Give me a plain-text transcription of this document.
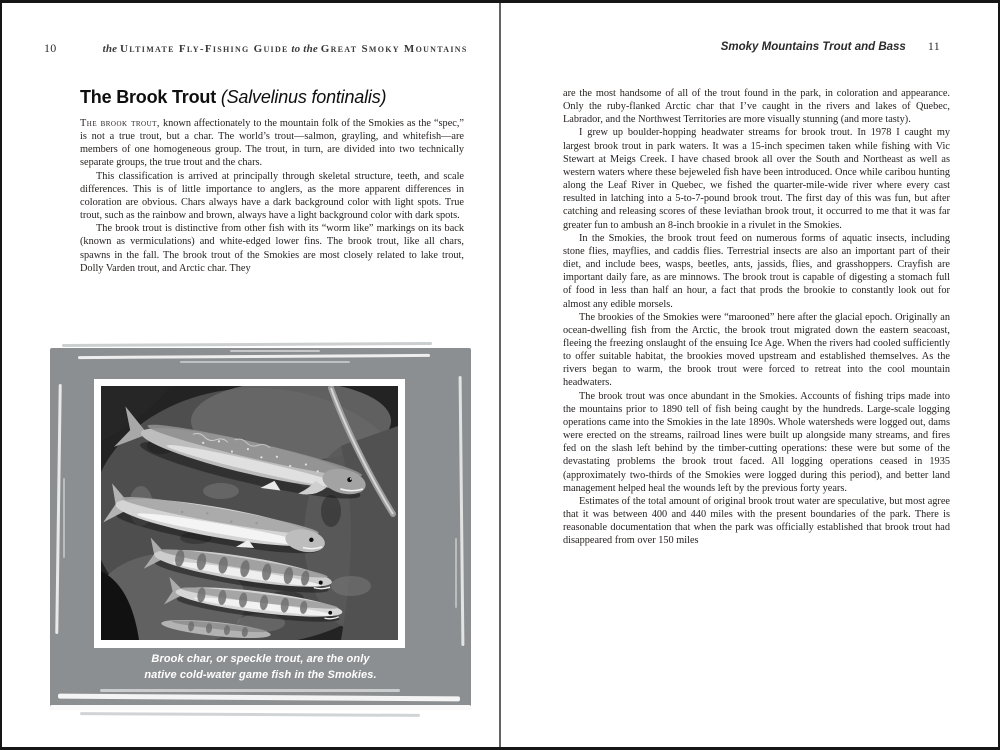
10	the Ultimate Fly-Fishing Guide to the Great Smoky Mountains
The Brook Trout (Salvelinus fontinalis)

The brook trout, known affectionately to the mountain folk of the Smokies as the “spec,” is not a true trout, but a char. The world’s trout—salmon, grayling, and whitefish—are members of one homogeneous group. The trout, in turn, are divided into two technically separate groups, the true trout and the chars.

This classification is arrived at principally through skeletal structure, teeth, and scale differences. This is of little importance to anglers, as the more apparent differences in coloration are obvious. Chars always have a dark background color with light spots. True trout, such as the rainbow and brown, always have a light background color with dark spots.

The brook trout is distinctive from other fish with its “worm like” markings on its back (known as vermiculations) and white-edged lower fins. The brook trout, like all chars, spawns in the fall. The brook trout of the Smokies are most closely related to lake trout, Dolly Varden trout, and Arctic char. They

Brook char, or speckle trout, are the only
native cold-water game fish in the Smokies.
Smoky Mountains Trout and Bass 11

are the most handsome of all of the trout found in the park, in coloration and appearance. Only the ruby-flanked Arctic char that I’ve caught in the rivers and lakes of Quebec, Labrador, and the Northwest Territories are more visually stunning (and more tasty).

I grew up boulder-hopping headwater streams for brook trout. In 1978 I caught my largest brook trout in park waters. It was a 15-inch specimen taken while fishing with Vic Stewart at Meigs Creek. I have chased brook all over the South and Northeast as well as western waters where these bejeweled fish have been introduced. Once while caribou hunting along the Leaf River in Quebec, we fished the quarter-mile-wide river where every cast resulted in latching into a 5-to-7-pound brook trout. The first day of this was fun, but after catching and releasing scores of these leviathan brook trout, it occurred to me that it was far greater fun to ambush an 8-inch brookie in a rivulet in the Smokies.

In the Smokies, the brook trout feed on numerous forms of aquatic insects, including stone flies, mayflies, and caddis flies. Terrestrial insects are also an important part of their diet, and include bees, wasps, beetles, ants, jassids, flies, and grasshoppers. Crayfish are important daily fare, as are minnows. The brook trout is capable of digesting a stomach full of food in less than half an hour, a fact that prods the brookie to constantly look out for almost any edible morsels.

The brookies of the Smokies were “marooned” here after the glacial epoch. Originally an ocean-dwelling fish from the Arctic, the brook trout migrated down the eastern seacoast, fleeing the freezing onslaught of the ensuing Ice Age. When the rivers had cooled sufficiently to offer suitable habitat, the brookies moved upstream and established themselves. As the rivers began to warm, the brook trout were forced to retreat into the cool mountain headwaters.

The brook trout was once abundant in the Smokies. Accounts of fishing trips made into the mountains prior to 1890 tell of fish being caught by the hundreds. Large-scale logging operations came into the Smokies in the late 1890s. Whole watersheds were logged out, dams were erected on the streams, railroad lines were built up alongside many streams, and fires fed on the slash left behind by the timber-cutting operations: these were but some of the devastating problems the brook trout faced. All logging operations ceased in 1935 (approximately two-thirds of the Smokies were logged during this period), and better land management helped heal the wounds left by the previous forty years.

Estimates of the total amount of original brook trout water are speculative, but most agree that it was between 400 and 440 miles with the present boundaries of the park. There is reasonable documentation that when the park was officially established that brook trout had disappeared from over 150 miles
